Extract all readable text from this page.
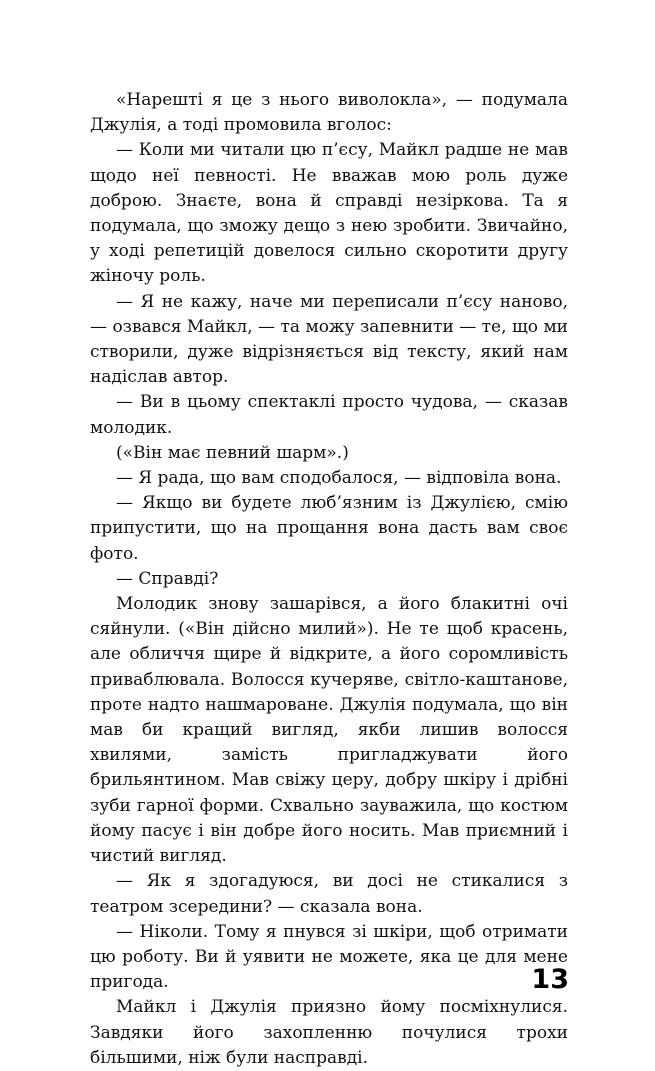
«Нарешті я це з нього виволокла», — подумала Джулія, а тоді промовила вголос:

— Коли ми читали цю п’єсу, Майкл радше не мав щодо неї певності. Не вважав мою роль дуже доброю. Знаєте, вона й справді незіркова. Та я подумала, що зможу дещо з нею зробити. Звичайно, у ході репетицій довелося сильно скоротити другу жіночу роль.

— Я не кажу, наче ми переписали п’єсу наново, — озвався Майкл, — та можу запевнити — те, що ми створили, дуже відрізняється від тексту, який нам надіслав автор.

— Ви в цьому спектаклі просто чудова, — сказав молодик.

(«Він має певний шарм».)

— Я рада, що вам сподобалося, — відповіла вона.

— Якщо ви будете люб’язним із Джулією, смію припустити, що на прощання вона дасть вам своє фото.

— Справді?

Молодик знову зашарівся, а його блакитні очі сяйнули. («Він дійсно милий»). Не те щоб красень, але обличчя щире й відкрите, а його соромливість приваблювала. Волосся кучеряве, світло-каштанове, проте надто нашмароване. Джулія подумала, що він мав би кращий вигляд, якби лишив волосся хвилями, замість пригладжувати його брильянтином. Мав свіжу церу, добру шкіру і дрібні зуби гарної форми. Схвально зауважила, що костюм йому пасує і він добре його носить. Мав приємний і чистий вигляд.

— Як я здогадуюся, ви досі не стикалися з театром зсередини? — сказала вона.

— Ніколи. Тому я пнувся зі шкіри, щоб отримати цю роботу. Ви й уявити не можете, яка це для мене пригода.

Майкл і Джулія приязно йому посміхнулися. Завдяки його захопленню почулися трохи більшими, ніж були насправді.

13
